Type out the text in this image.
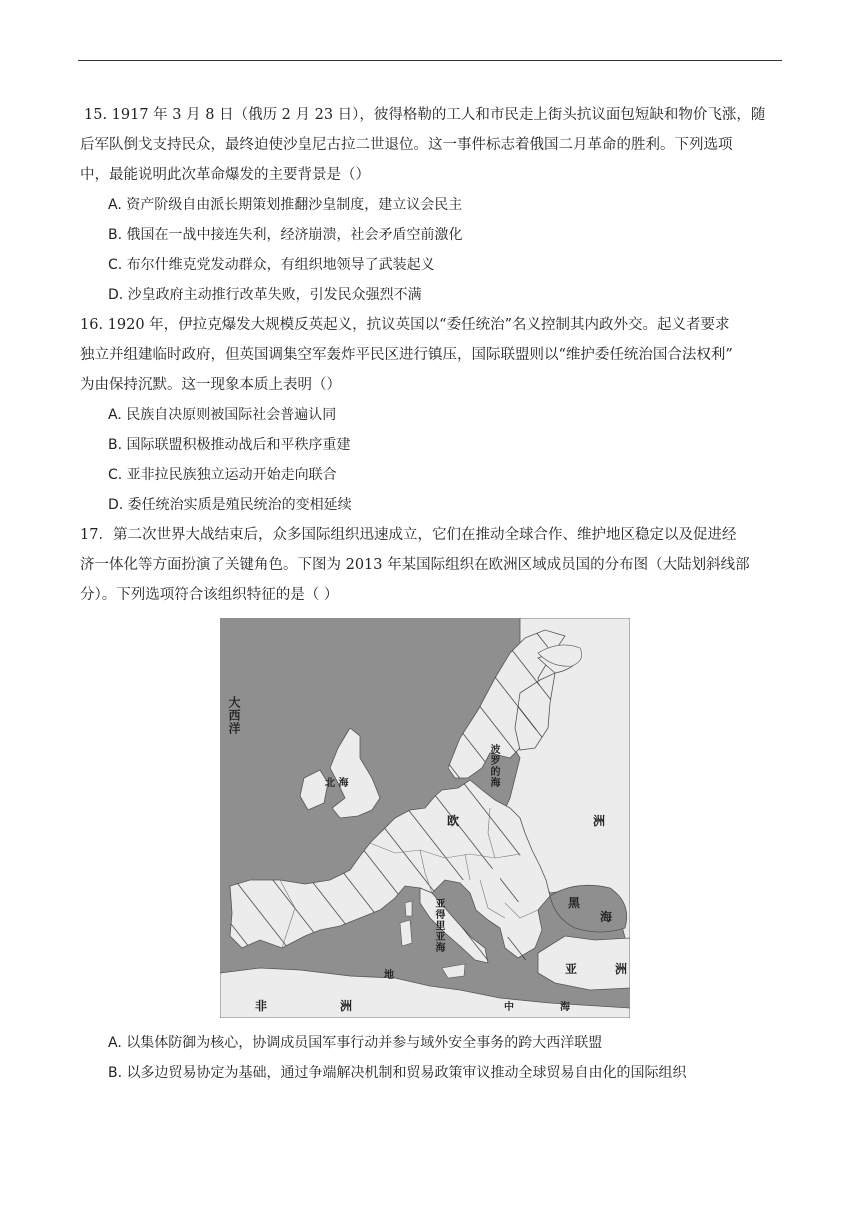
15. 1917 年 3 月 8 日（俄历 2 月 23 日），彼得格勒的工人和市民走上街头抗议面包短缺和物价飞涨，随
后军队倒戈支持民众，最终迫使沙皇尼古拉二世退位。这一事件标志着俄国二月革命的胜利。下列选项
中，最能说明此次革命爆发的主要背景是（）
A. 资产阶级自由派长期策划推翻沙皇制度，建立议会民主
B. 俄国在一战中接连失利，经济崩溃，社会矛盾空前激化
C. 布尔什维克党发动群众，有组织地领导了武装起义
D. 沙皇政府主动推行改革失败，引发民众强烈不满
16. 1920 年，伊拉克爆发大规模反英起义，抗议英国以“委任统治”名义控制其内政外交。起义者要求
独立并组建临时政府，但英国调集空军轰炸平民区进行镇压，国际联盟则以“维护委任统治国合法权利”
为由保持沉默。这一现象本质上表明（）
A. 民族自决原则被国际社会普遍认同
B. 国际联盟积极推动战后和平秩序重建
C. 亚非拉民族独立运动开始走向联合
D. 委任统治实质是殖民统治的变相延续
17．第二次世界大战结束后，众多国际组织迅速成立，它们在推动全球合作、维护地区稳定以及促进经
济一体化等方面扮演了关键角色。下图为 2013 年某国际组织在欧洲区域成员国的分布图（大陆划斜线部
分）。下列选项符合该组织特征的是（ ）
大西洋
北 海	波罗的海
欧	洲
亚得里亚海	黑
海
亚	洲
地
中	海
非	洲
A. 以集体防御为核心，协调成员国军事行动并参与域外安全事务的跨大西洋联盟
B. 以多边贸易协定为基础，通过争端解决机制和贸易政策审议推动全球贸易自由化的国际组织
